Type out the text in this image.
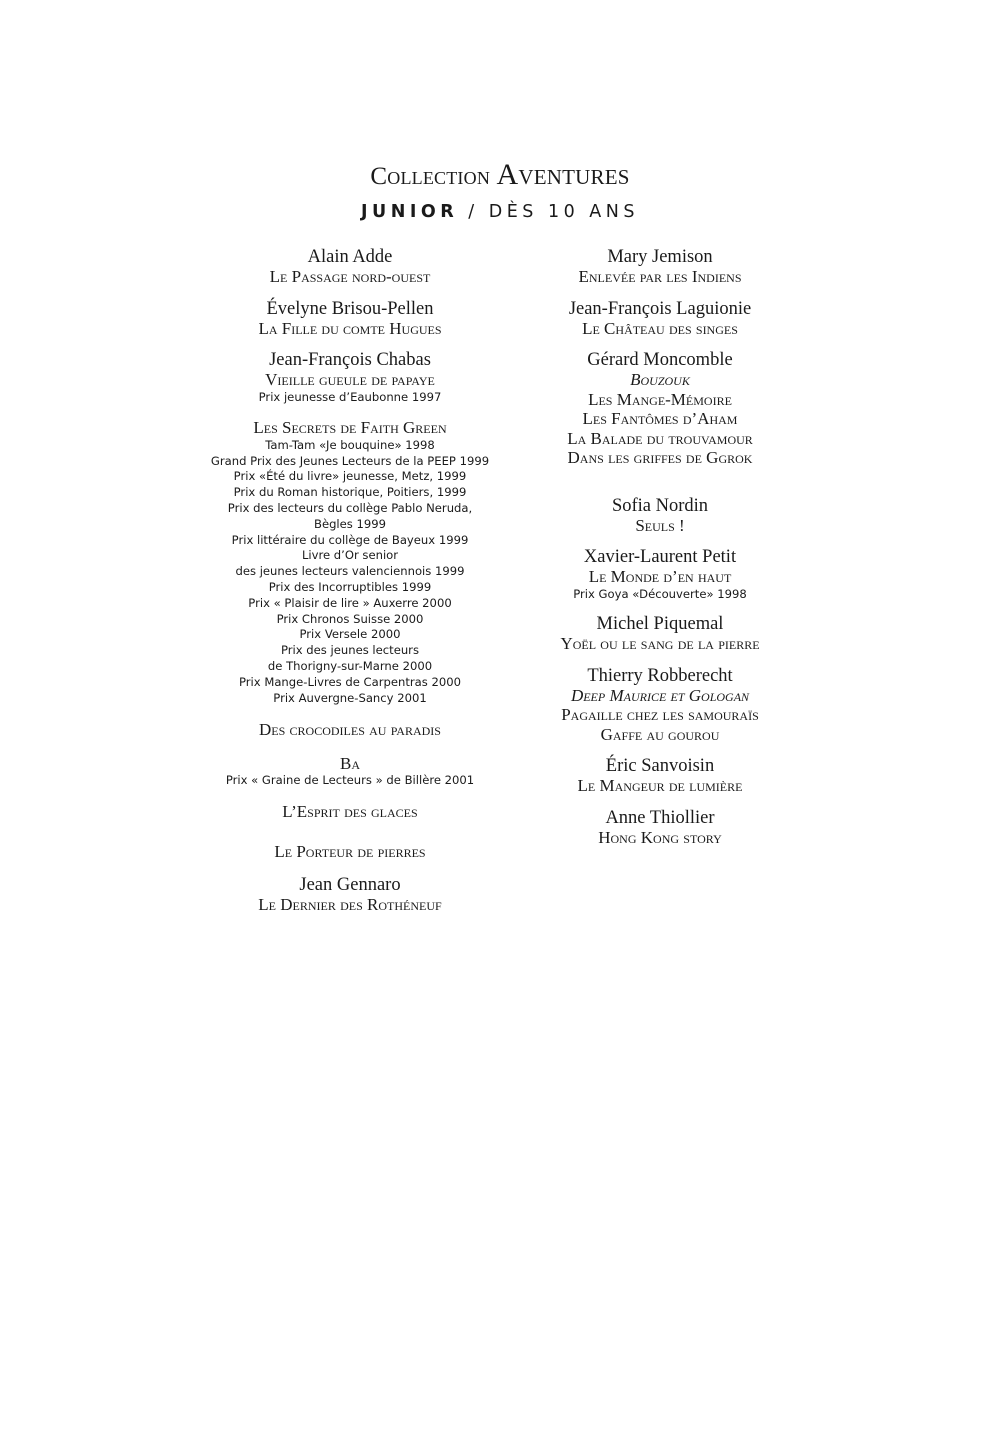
Collection Aventures
JUNIOR / DÈS 10 ANS
Alain Adde
Le Passage nord-ouest
Évelyne Brisou-Pellen
La Fille du comte Hugues
Jean-François Chabas
Vieille gueule de papaye
Prix jeunesse d’Eaubonne 1997
Les Secrets de Faith Green
Tam-Tam «Je bouquine» 1998
Grand Prix des Jeunes Lecteurs de la PEEP 1999
Prix «Été du livre» jeunesse, Metz, 1999
Prix du Roman historique, Poitiers, 1999
Prix des lecteurs du collège Pablo Neruda,
Bègles 1999
Prix littéraire du collège de Bayeux 1999
Livre d’Or senior
des jeunes lecteurs valenciennois 1999
Prix des Incorruptibles 1999
Prix « Plaisir de lire » Auxerre 2000
Prix Chronos Suisse 2000
Prix Versele 2000
Prix des jeunes lecteurs
de Thorigny-sur-Marne 2000
Prix Mange-Livres de Carpentras 2000
Prix Auvergne-Sancy 2001
Des crocodiles au paradis
Ba
Prix « Graine de Lecteurs » de Billère 2001
L’Esprit des glaces
Le Porteur de pierres
Jean Gennaro
Le Dernier des Rothéneuf
Mary Jemison
Enlevée par les Indiens
Jean-François Laguionie
Le Château des singes
Gérard Moncomble
Bouzouk
Les Mange-Mémoire
Les Fantômes d’Aham
La Balade du trouvamour
Dans les griffes de Ggrok
Sofia Nordin
Seuls !
Xavier-Laurent Petit
Le Monde d’en haut
Prix Goya «Découverte» 1998
Michel Piquemal
Yoël ou le sang de la pierre
Thierry Robberecht
Deep Maurice et Gologan
Pagaille chez les samouraïs
Gaffe au gourou
Éric Sanvoisin
Le Mangeur de lumière
Anne Thiollier
Hong Kong story
